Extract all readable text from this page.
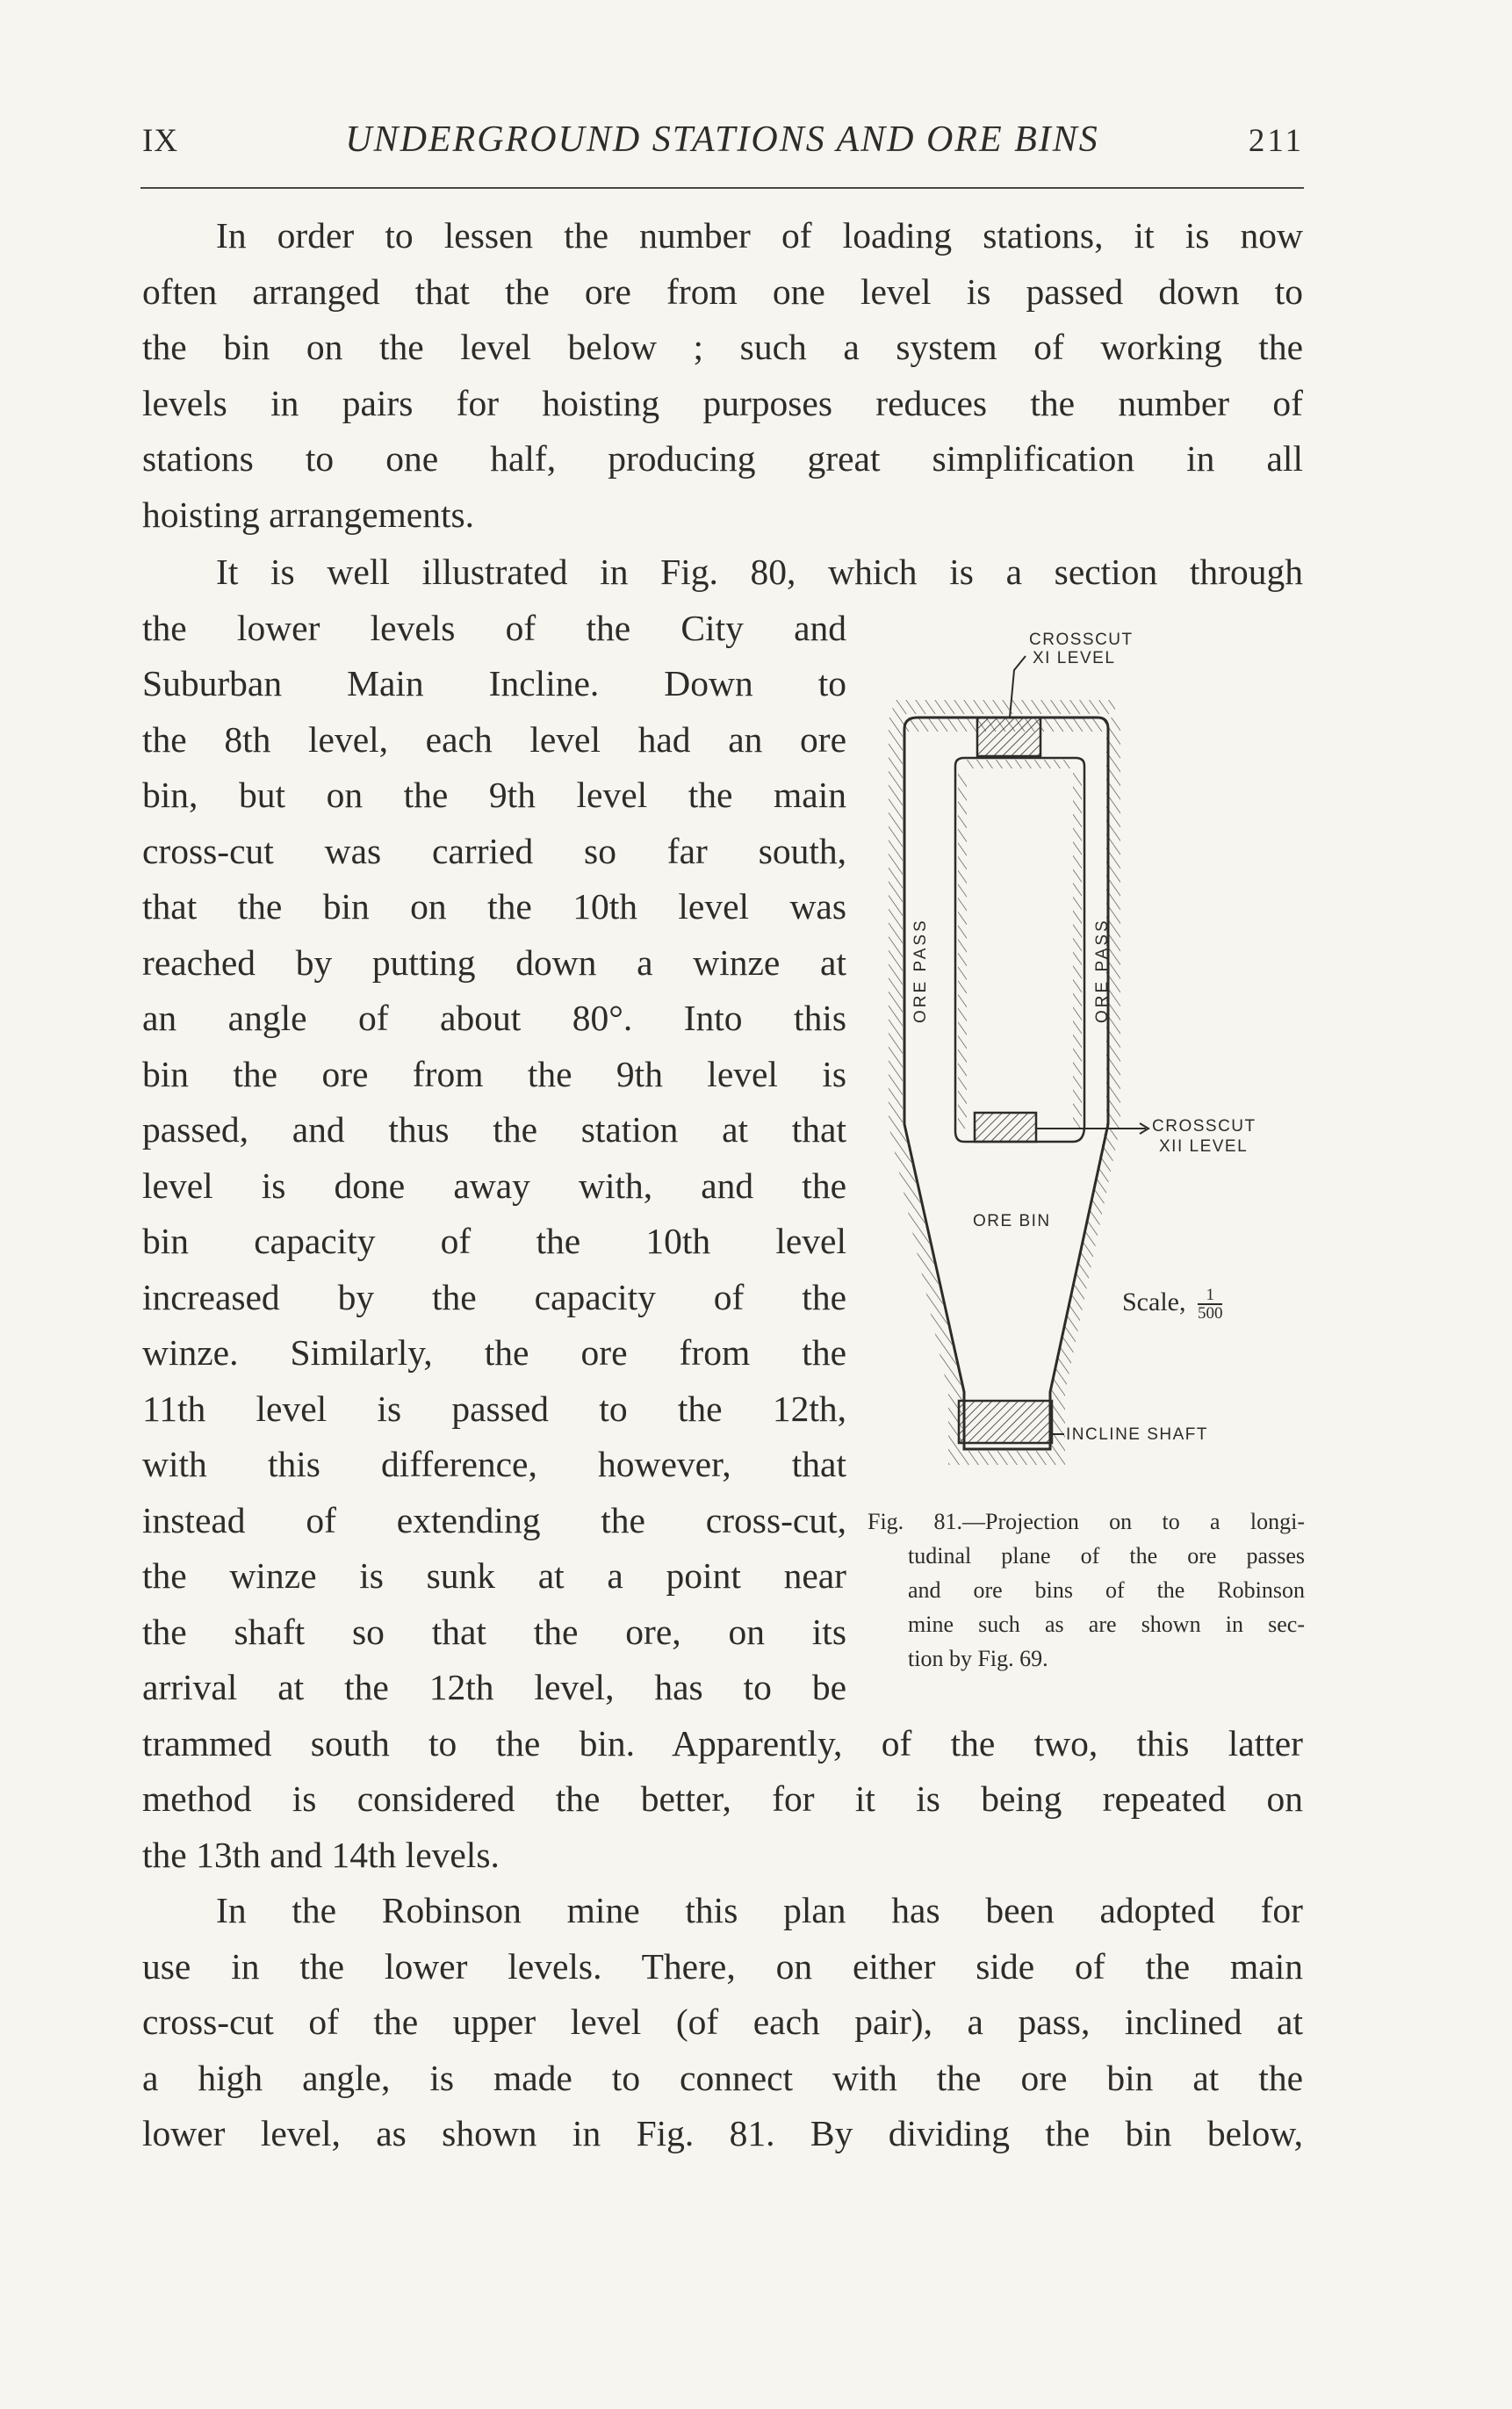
IX	UNDERGROUND STATIONS AND ORE BINS	211
In order to lessen the number of loading stations, it is now
often arranged that the ore from one level is passed down to
the bin on the level below ; such a system of working the
levels in pairs for hoisting purposes reduces the number of
stations to one half, producing great simplification in all
hoisting arrangements.
It is well illustrated in Fig. 80, which is a section through
the lower levels of the City and
Suburban Main Incline. Down to
the 8th level, each level had an ore
bin, but on the 9th level the main
cross-cut was carried so far south,
that the bin on the 10th level was
reached by putting down a winze at
an angle of about 80°. Into this
bin the ore from the 9th level is
passed, and thus the station at that
level is done away with, and the
bin capacity of the 10th level
increased by the capacity of the
winze. Similarly, the ore from the
11th level is passed to the 12th,
with this difference, however, that
instead of extending the cross-cut,
the winze is sunk at a point near
the shaft so that the ore, on its
arrival at the 12th level, has to be
trammed south to the bin. Apparently, of the two, this latter
method is considered the better, for it is being repeated on
the 13th and 14th levels.
In the Robinson mine this plan has been adopted for
use in the lower levels. There, on either side of the main
cross-cut of the upper level (of each pair), a pass, inclined at
a high angle, is made to connect with the ore bin at the
lower level, as shown in Fig. 81. By dividing the bin below,
CROSSCUT
XI LEVEL
ORE PASS	ORE PASS
CROSSCUT
XII LEVEL
ORE BIN
Scale, $\frac{1}{500}$
INCLINE SHAFT
Fig. 81.—Projection on to a longi-
tudinal plane of the ore passes
and ore bins of the Robinson
mine such as are shown in sec-
tion by Fig. 69.
